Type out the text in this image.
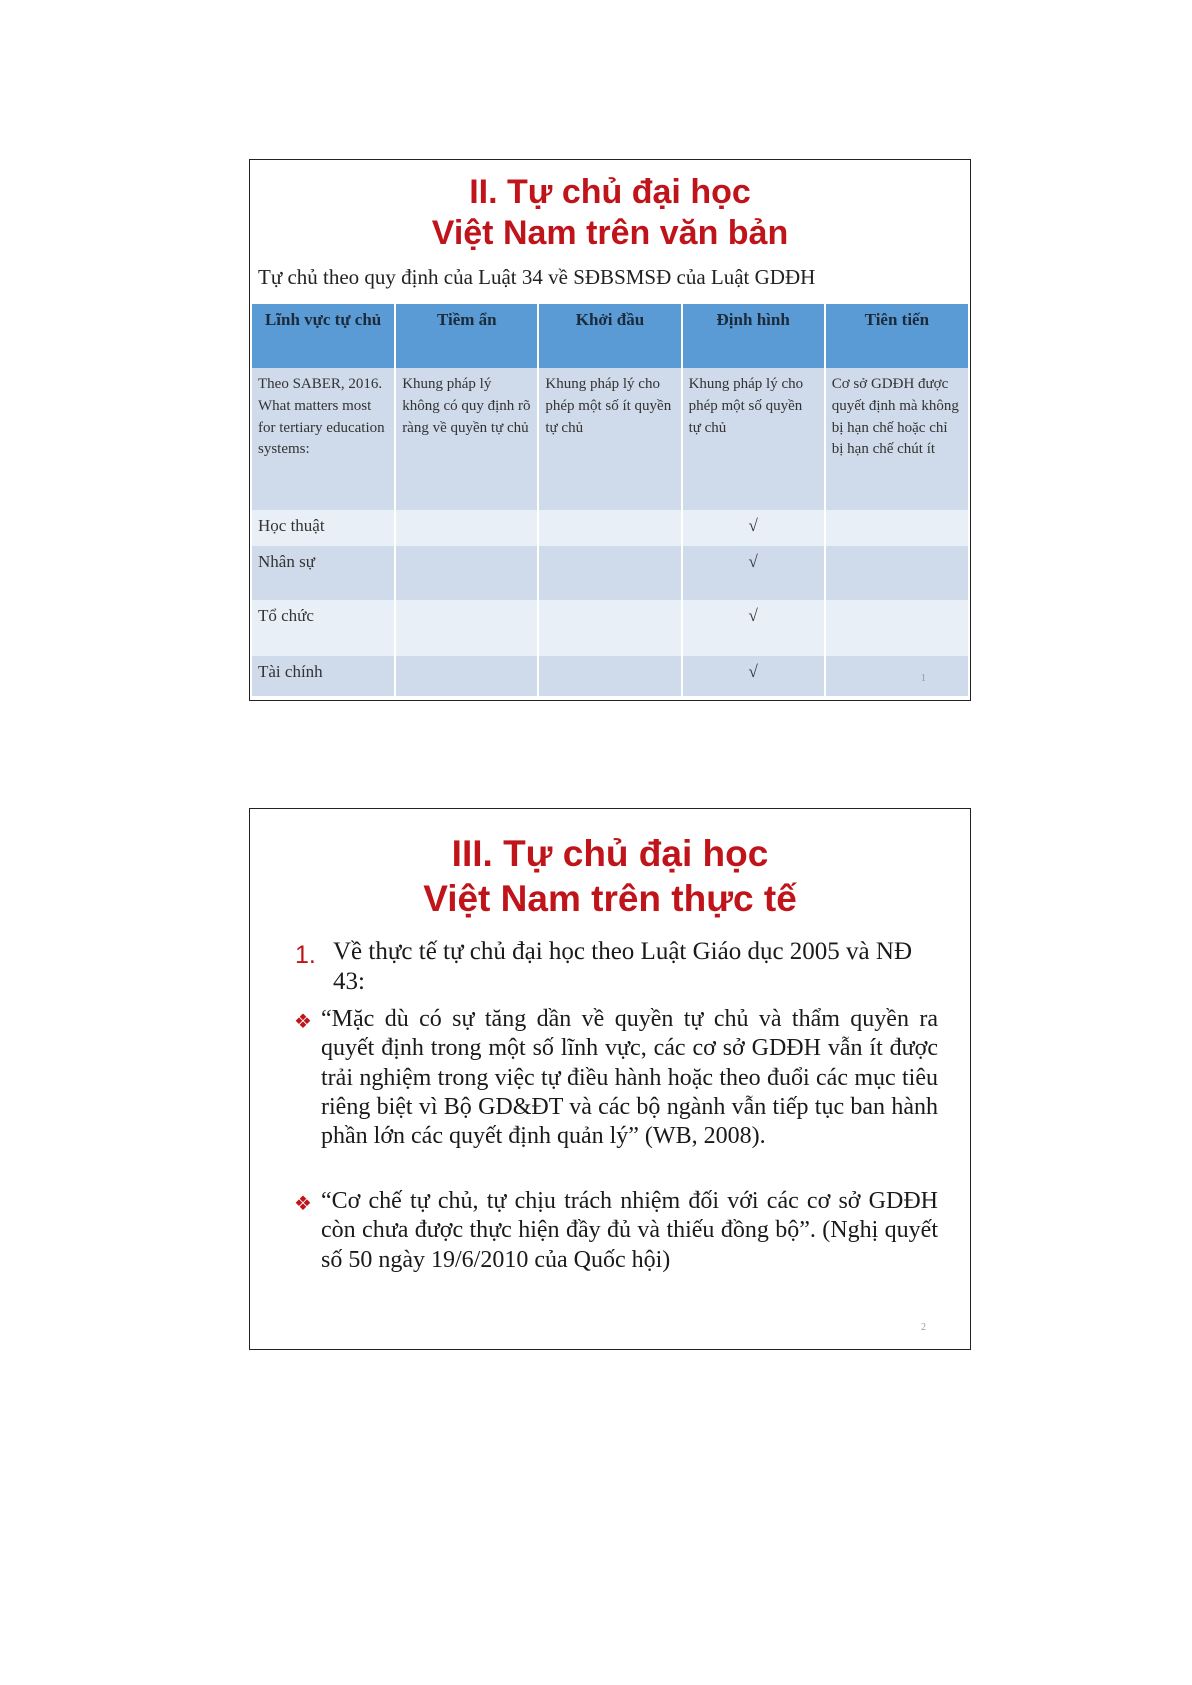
II. Tự chủ đại học
Việt Nam trên văn bản
Tự chủ theo quy định của Luật 34 về SĐBSMSĐ của Luật GDĐH
Lĩnh vực tự chủ	Tiềm ẩn	Khởi đầu	Định hình	Tiên tiến
Theo SABER, 2016. What matters most for tertiary education systems:	Khung pháp lý không có quy định rõ ràng về quyền tự chủ	Khung pháp lý cho phép một số ít quyền tự chủ	Khung pháp lý cho phép một số quyền tự chủ	Cơ sở GDĐH được quyết định mà không bị hạn chế hoặc chỉ bị hạn chế chút ít
Học thuật			√	
Nhân sự			√	
Tổ chức			√	
Tài chính			√		1
III. Tự chủ đại học
Việt Nam trên thực tế
1. Về thực tế tự chủ đại học theo Luật Giáo dục 2005 và NĐ 43:
❖ “Mặc dù có sự tăng dần về quyền tự chủ và thẩm quyền ra quyết định trong một số lĩnh vực, các cơ sở GDĐH vẫn ít được trải nghiệm trong việc tự điều hành hoặc theo đuổi các mục tiêu riêng biệt vì Bộ GD&ĐT và các bộ ngành vẫn tiếp tục ban hành phần lớn các quyết định quản lý” (WB, 2008).
❖ “Cơ chế tự chủ, tự chịu trách nhiệm đối với các cơ sở GDĐH còn chưa được thực hiện đầy đủ và thiếu đồng bộ”. (Nghị quyết số 50 ngày 19/6/2010 của Quốc hội)
2
